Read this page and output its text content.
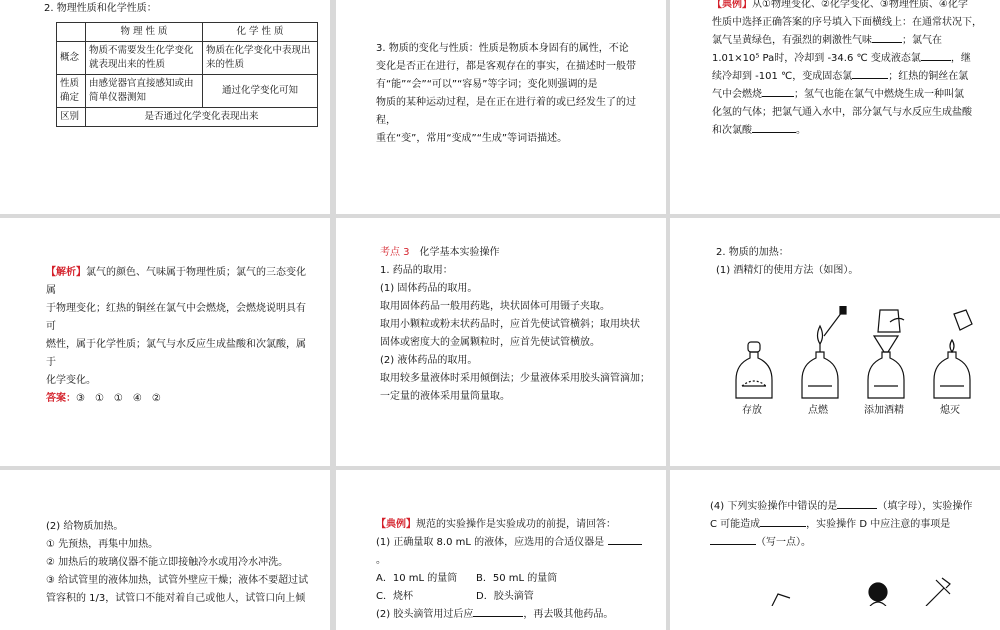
2. 物理性质和化学性质：
	物 理 性 质	化 学 性 质
概念	物质不需要发生化学变化就表现出来的性质	物质在化学变化中表现出来的性质
性质确定	由感觉器官直接感知或由简单仪器测知	通过化学变化可知
区别	是否通过化学变化表现出来	

3. 物质的变化与性质：性质是物质本身固有的属性，不论

变化是否正在进行，都是客观存在的事实，在描述时一般带

有“能”“会”“可以”“容易”等字词；变化则强调的是

物质的某种运动过程，是在正在进行着的或已经发生了的过程，

重在“变”，常用“变成”“生成”等词语描述。

【典例】从①物理变化、②化学变化、③物理性质、④化学

性质中选择正确答案的序号填入下面横线上：在通常状况下，

氯气呈黄绿色，有强烈的刺激性气味	；氯气在

1.01×10⁵ Pa时，冷却到 -34.6 ℃ 变成液态氯	，继

续冷却到 -101 ℃，变成固态氯	；红热的铜丝在氯

气中会燃烧	；氢气也能在氯气中燃烧生成一种叫氯

化氢的气体；把氯气通入水中，部分氯气与水反应生成盐酸

和次氯酸	。

【解析】氯气的颜色、气味属于物理性质；氯气的三态变化属

于物理变化；红热的铜丝在氯气中会燃烧，会燃烧说明具有可

燃性，属于化学性质；氯气与水反应生成盐酸和次氯酸，属于

化学变化。

答案：③　①　①　④　②

考点 3　 化学基本实验操作

1. 药品的取用：

(1) 固体药品的取用。

取用固体药品一般用药匙，块状固体可用镊子夹取。

取用小颗粒或粉末状药品时，应首先使试管横斜；取用块状

固体或密度大的金属颗粒时，应首先使试管横放。

(2) 液体药品的取用。

取用较多量液体时采用倾倒法；少量液体采用胶头滴管滴加；

一定量的液体采用量筒量取。

2. 物质的加热：

(1) 酒精灯的使用方法（如图）。

存放	点燃	添加酒精	熄灭

(2) 给物质加热。

① 先预热，再集中加热。

② 加热后的玻璃仪器不能立即接触冷水或用冷水冲洗。

③ 给试管里的液体加热，试管外壁应干燥；液体不要超过试

管容积的 1/3，试管口不能对着自己或他人，试管口向上倾

【典例】规范的实验操作是实验成功的前提，请回答：

(1) 正确量取 8.0 mL 的液体，应选用的合适仪器是。

A．10 mL 的量筒 B．50 mL 的量筒

C．烧杯	D．胶头滴管

(2) 胶头滴管用过后应	，再去吸其他药品。

(4) 下列实验操作中错误的是	（填字母），实验操作

C 可能造成	，实验操作 D 中应注意的事项是

（写一点）。
